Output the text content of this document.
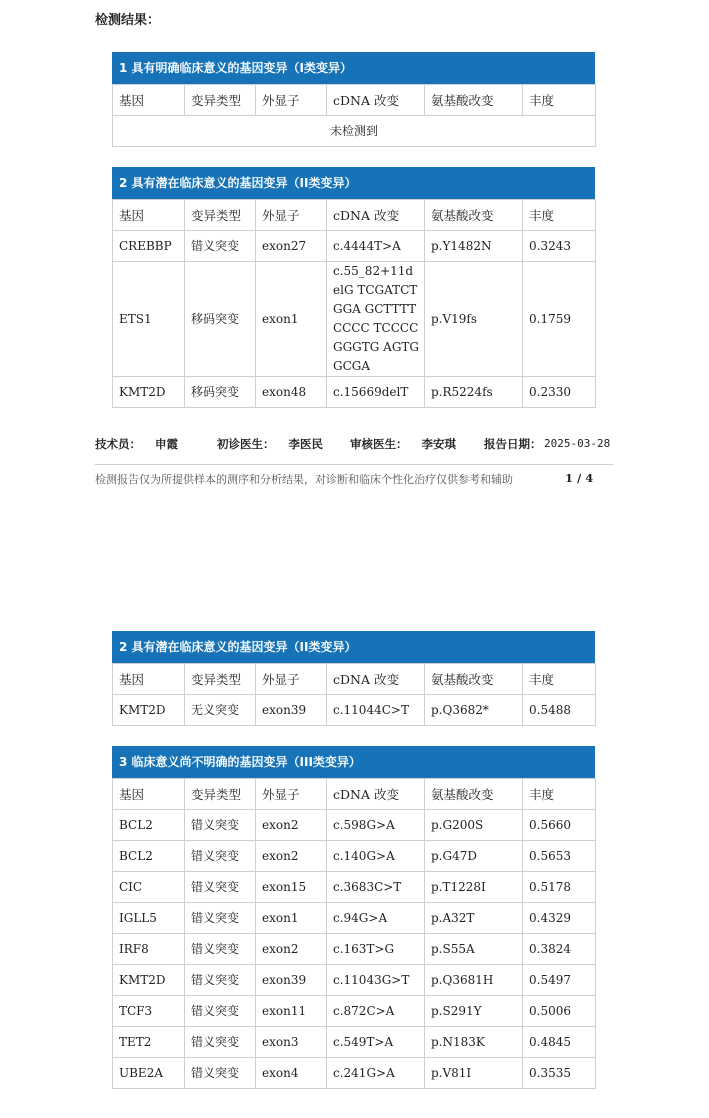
检测结果：
1 具有明确临床意义的基因变异（I类变异）
基因	变异类型	外显子	cDNA 改变	氨基酸改变	丰度
未检测到
2 具有潜在临床意义的基因变异（II类变异）
基因	变异类型	外显子	cDNA 改变	氨基酸改变	丰度
CREBBP	错义突变	exon27	c.4444T>A	p.Y1482N	0.3243
ETS1	移码突变	exon1	c.55_82+11delG TCGATCTGGA GCTTTTCCCC TCCCCGGGTG AGTGGCGA	p.V19fs	0.1759
KMT2D	移码突变	exon48	c.15669delT	p.R5224fs	0.2330
技术员： 申霞	初诊医生： 李医民 审核医生： 李安琪 报告日期： 2025-03-28
检测报告仅为所提供样本的测序和分析结果，对诊断和临床个性化治疗仅供参考和辅助	1 / 4
2 具有潜在临床意义的基因变异（II类变异）
基因	变异类型	外显子	cDNA 改变	氨基酸改变	丰度
KMT2D	无义突变	exon39	c.11044C>T	p.Q3682*	0.5488
3 临床意义尚不明确的基因变异（III类变异）
基因	变异类型	外显子	cDNA 改变	氨基酸改变	丰度
BCL2	错义突变	exon2	c.598G>A	p.G200S	0.5660
BCL2	错义突变	exon2	c.140G>A	p.G47D	0.5653
CIC	错义突变	exon15	c.3683C>T	p.T1228I	0.5178
IGLL5	错义突变	exon1	c.94G>A	p.A32T	0.4329
IRF8	错义突变	exon2	c.163T>G	p.S55A	0.3824
KMT2D	错义突变	exon39	c.11043G>T	p.Q3681H	0.5497
TCF3	错义突变	exon11	c.872C>A	p.S291Y	0.5006
TET2	错义突变	exon3	c.549T>A	p.N183K	0.4845
UBE2A	错义突变	exon4	c.241G>A	p.V81I	0.3535
